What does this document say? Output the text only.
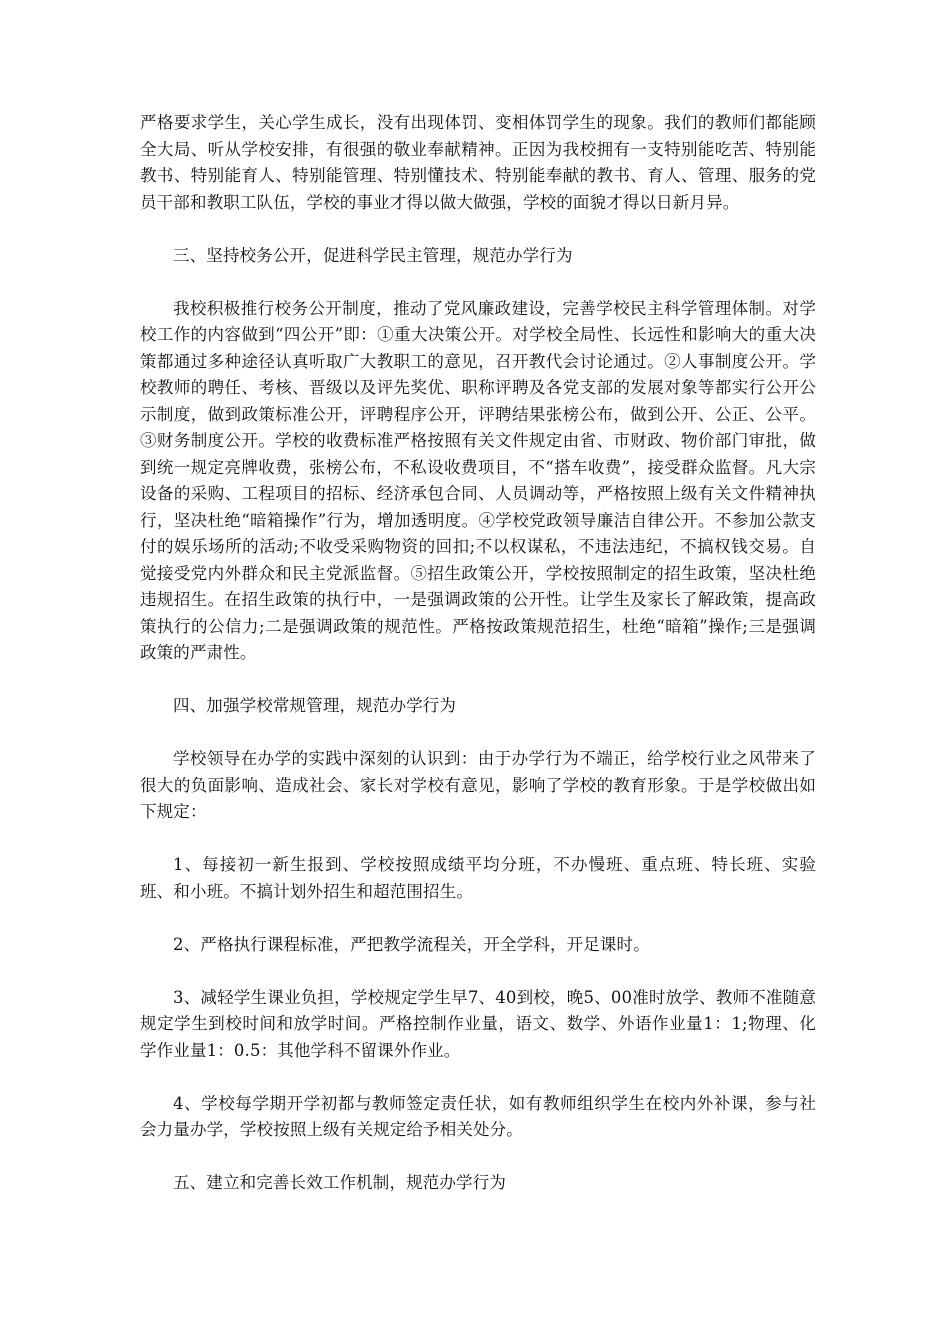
严格要求学生，关心学生成长，没有出现体罚、变相体罚学生的现象。我们的教师们都能顾全大局、听从学校安排，有很强的敬业奉献精神。正因为我校拥有一支特别能吃苦、特别能教书、特别能育人、特别能管理、特别懂技术、特别能奉献的教书、育人、管理、服务的党员干部和教职工队伍，学校的事业才得以做大做强，学校的面貌才得以日新月异。

三、坚持校务公开，促进科学民主管理，规范办学行为

我校积极推行校务公开制度，推动了党风廉政建设，完善学校民主科学管理体制。对学校工作的内容做到“四公开”即：①重大决策公开。对学校全局性、长远性和影响大的重大决策都通过多种途径认真听取广大教职工的意见，召开教代会讨论通过。②人事制度公开。学校教师的聘任、考核、晋级以及评先奖优、职称评聘及各党支部的发展对象等都实行公开公示制度，做到政策标准公开，评聘程序公开，评聘结果张榜公布，做到公开、公正、公平。③财务制度公开。学校的收费标准严格按照有关文件规定由省、市财政、物价部门审批，做到统一规定亮牌收费，张榜公布，不私设收费项目，不“搭车收费”，接受群众监督。凡大宗设备的采购、工程项目的招标、经济承包合同、人员调动等，严格按照上级有关文件精神执行，坚决杜绝“暗箱操作”行为，增加透明度。④学校党政领导廉洁自律公开。不参加公款支付的娱乐场所的活动;不收受采购物资的回扣;不以权谋私，不违法违纪，不搞权钱交易。自觉接受党内外群众和民主党派监督。⑤招生政策公开，学校按照制定的招生政策，坚决杜绝违规招生。在招生政策的执行中，一是强调政策的公开性。让学生及家长了解政策，提高政策执行的公信力;二是强调政策的规范性。严格按政策规范招生，杜绝“暗箱”操作;三是强调政策的严肃性。

四、加强学校常规管理，规范办学行为

学校领导在办学的实践中深刻的认识到：由于办学行为不端正，给学校行业之风带来了很大的负面影响、造成社会、家长对学校有意见，影响了学校的教育形象。于是学校做出如下规定：

1、每接初一新生报到、学校按照成绩平均分班，不办慢班、重点班、特长班、实验班、和小班。不搞计划外招生和超范围招生。

2、严格执行课程标准，严把教学流程关，开全学科，开足课时。

3、减轻学生课业负担，学校规定学生早7、40到校，晚5、00准时放学、教师不准随意规定学生到校时间和放学时间。严格控制作业量，语文、数学、外语作业量1：1;物理、化学作业量1：0.5：其他学科不留课外作业。

4、学校每学期开学初都与教师签定责任状，如有教师组织学生在校内外补课，参与社会力量办学，学校按照上级有关规定给予相关处分。

五、建立和完善长效工作机制，规范办学行为
